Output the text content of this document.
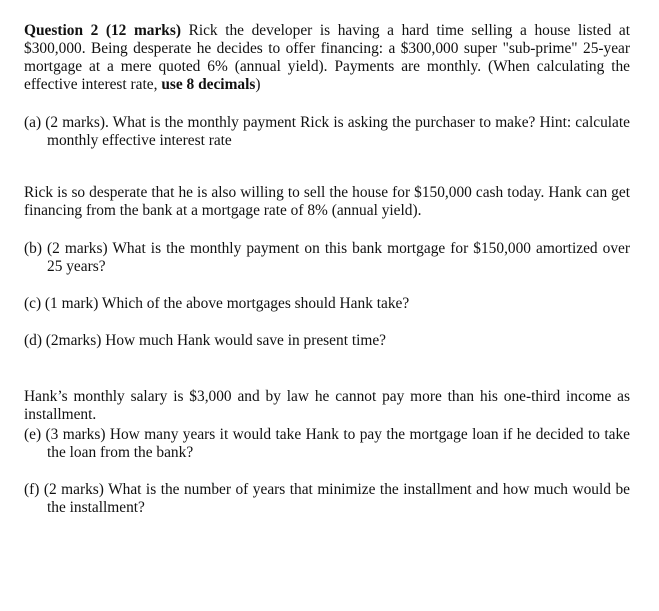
Question 2 (12 marks) Rick the developer is having a hard time selling a house listed at $300,000. Being desperate he decides to offer financing: a $300,000 super "sub-prime" 25-year mortgage at a mere quoted 6% (annual yield). Payments are monthly. (When calculating the effective interest rate, use 8 decimals)

(a) (2 marks). What is the monthly payment Rick is asking the purchaser to make? Hint: calculate monthly effective interest rate

Rick is so desperate that he is also willing to sell the house for $150,000 cash today. Hank can get financing from the bank at a mortgage rate of 8% (annual yield).

(b) (2 marks) What is the monthly payment on this bank mortgage for $150,000 amortized over 25 years?

(c) (1 mark) Which of the above mortgages should Hank take?

(d) (2marks) How much Hank would save in present time?

Hank’s monthly salary is $3,000 and by law he cannot pay more than his one-third income as installment.

(e) (3 marks) How many years it would take Hank to pay the mortgage loan if he decided to take the loan from the bank?

(f) (2 marks) What is the number of years that minimize the installment and how much would be the installment?
